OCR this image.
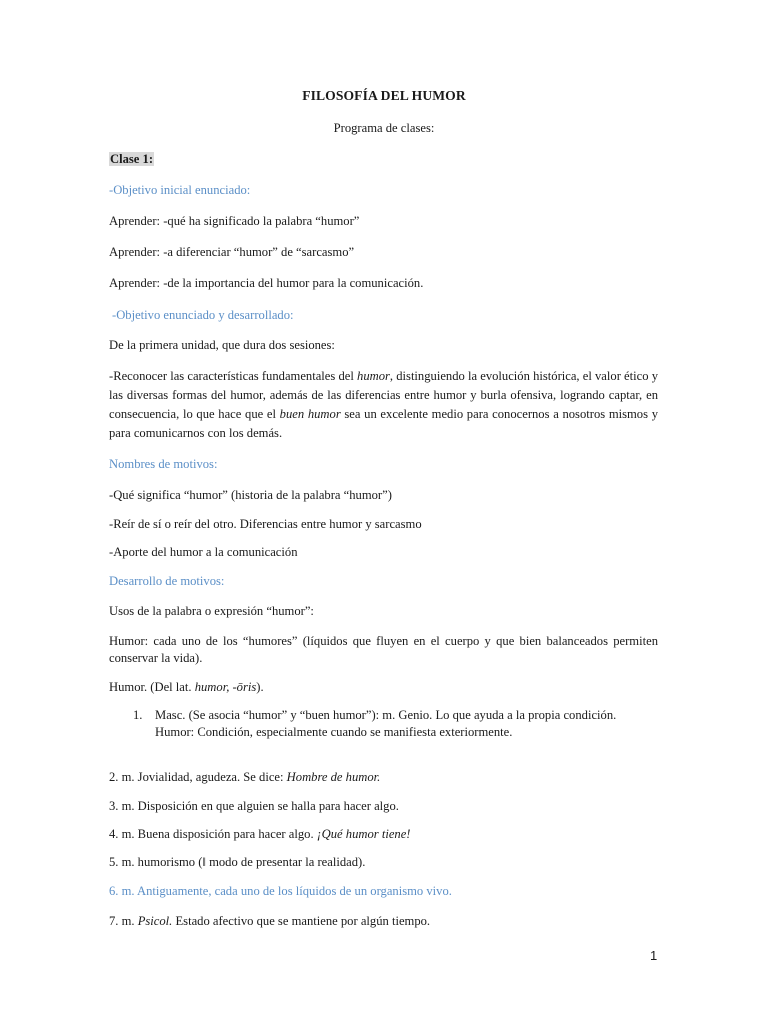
FILOSOFÍA DEL HUMOR

Programa de clases:

Clase 1:

-Objetivo inicial enunciado:

Aprender: -qué ha significado la palabra “humor”

Aprender: -a diferenciar “humor” de “sarcasmo”

Aprender: -de la importancia del humor para la comunicación.

-Objetivo enunciado y desarrollado:

De la primera unidad, que dura dos sesiones:

-Reconocer las características fundamentales del humor, distinguiendo la evolución histórica, el valor ético y las diversas formas del humor, además de las diferencias entre humor y burla ofensiva, logrando captar, en consecuencia, lo que hace que el buen humor sea un excelente medio para conocernos a nosotros mismos y para comunicarnos con los demás.

Nombres de motivos:

-Qué significa “humor” (historia de la palabra “humor”)

-Reír de sí o reír del otro. Diferencias entre humor y sarcasmo

-Aporte del humor a la comunicación

Desarrollo de motivos:

Usos de la palabra o expresión “humor”:

Humor: cada uno de los “humores” (líquidos que fluyen en el cuerpo y que bien balanceados permiten conservar la vida).

Humor. (Del lat. humor, -ōris).

1. Masc. (Se asocia “humor” y “buen humor”): m. Genio. Lo que ayuda a la propia condición.
Humor: Condición, especialmente cuando se manifiesta exteriormente.

2. m. Jovialidad, agudeza. Se dice: Hombre de humor.

3. m. Disposición en que alguien se halla para hacer algo.

4. m. Buena disposición para hacer algo. ¡Qué humor tiene!

5. m. humorismo (‖ modo de presentar la realidad).

6. m. Antiguamente, cada uno de los líquidos de un organismo vivo.

7. m. Psicol. Estado afectivo que se mantiene por algún tiempo.

1
